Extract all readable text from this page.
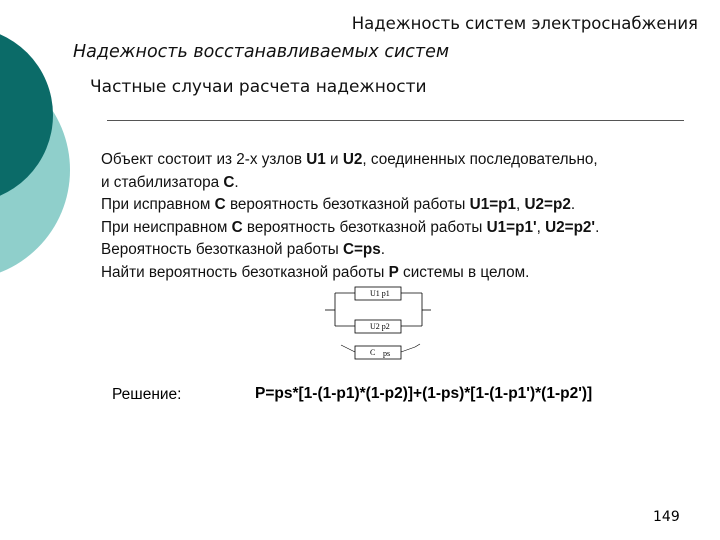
Надежность систем электроснабжения
Надежность восстанавливаемых систем
Частные случаи расчета надежности
Объект состоит из 2-х узлов U1 и U2, соединенных последовательно,
и стабилизатора C.
При исправном C вероятность безотказной работы U1=p1, U2=p2.
При неисправном C вероятность безотказной работы U1=p1', U2=p2'.
Вероятность безотказной работы C=ps.
Найти вероятность безотказной работы P системы в целом.
U1 p1
U2 p2
C ps
Решение:	P=ps*[1-(1-p1)*(1-p2)]+(1-ps)*[1-(1-p1')*(1-p2')]
149
